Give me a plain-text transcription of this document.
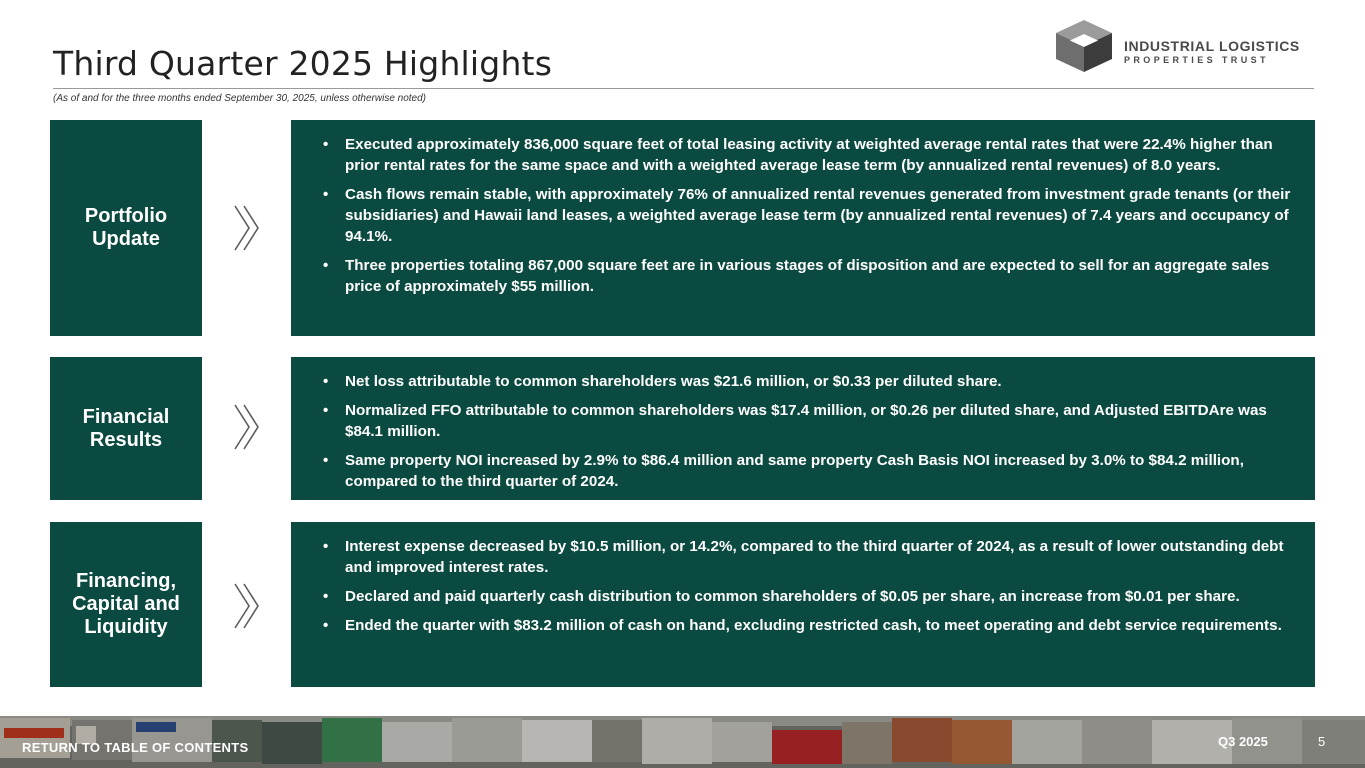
Third Quarter 2025 Highlights
(As of and for the three months ended September 30, 2025, unless otherwise noted)
INDUSTRIAL LOGISTICS
PROPERTIES TRUST
Portfolio Update
• Executed approximately 836,000 square feet of total leasing activity at weighted average rental rates that were 22.4% higher than prior rental rates for the same space and with a weighted average lease term (by annualized rental revenues) of 8.0 years.
• Cash flows remain stable, with approximately 76% of annualized rental revenues generated from investment grade tenants (or their subsidiaries) and Hawaii land leases, a weighted average lease term (by annualized rental revenues) of 7.4 years and occupancy of 94.1%.
• Three properties totaling 867,000 square feet are in various stages of disposition and are expected to sell for an aggregate sales price of approximately $55 million.
Financial Results
• Net loss attributable to common shareholders was $21.6 million, or $0.33 per diluted share.
• Normalized FFO attributable to common shareholders was $17.4 million, or $0.26 per diluted share, and Adjusted EBITDAre was $84.1 million.
• Same property NOI increased by 2.9% to $86.4 million and same property Cash Basis NOI increased by 3.0% to $84.2 million, compared to the third quarter of 2024.
Financing, Capital and Liquidity
• Interest expense decreased by $10.5 million, or 14.2%, compared to the third quarter of 2024, as a result of lower outstanding debt and improved interest rates.
• Declared and paid quarterly cash distribution to common shareholders of $0.05 per share, an increase from $0.01 per share.
• Ended the quarter with $83.2 million of cash on hand, excluding restricted cash, to meet operating and debt service requirements.
RETURN TO TABLE OF CONTENTS	Q3 2025	5
